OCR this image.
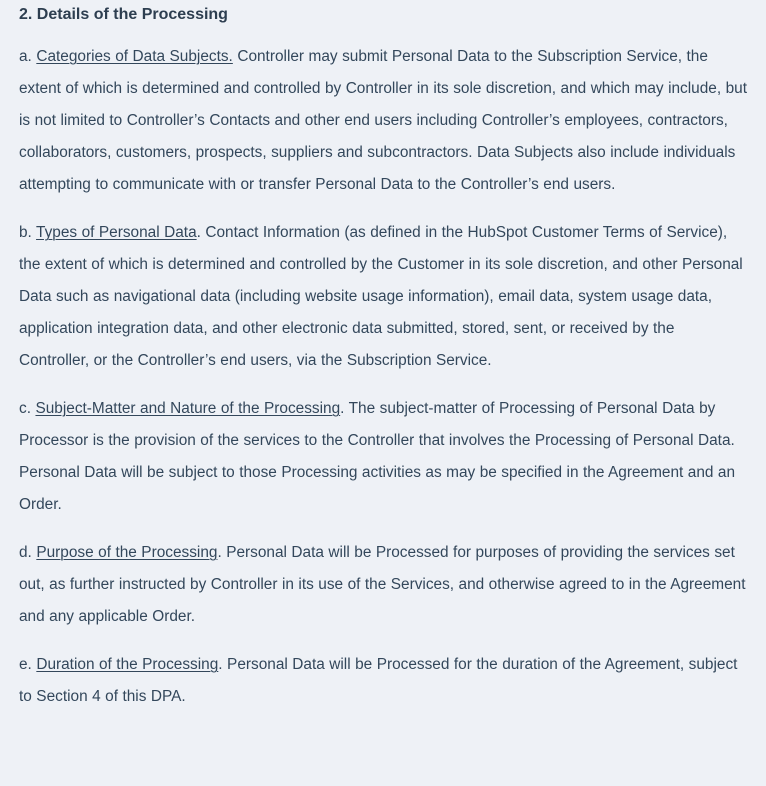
2. Details of the Processing

a. Categories of Data Subjects. Controller may submit Personal Data to the Subscription Service, the extent of which is determined and controlled by Controller in its sole discretion, and which may include, but is not limited to Controller’s Contacts and other end users including Controller’s employees, contractors, collaborators, customers, prospects, suppliers and subcontractors. Data Subjects also include individuals attempting to communicate with or transfer Personal Data to the Controller’s end users.

b. Types of Personal Data. Contact Information (as defined in the HubSpot Customer Terms of Service), the extent of which is determined and controlled by the Customer in its sole discretion, and other Personal Data such as navigational data (including website usage information), email data, system usage data, application integration data, and other electronic data submitted, stored, sent, or received by the Controller, or the Controller’s end users, via the Subscription Service.

c. Subject-Matter and Nature of the Processing. The subject-matter of Processing of Personal Data by Processor is the provision of the services to the Controller that involves the Processing of Personal Data. Personal Data will be subject to those Processing activities as may be specified in the Agreement and an Order.

d. Purpose of the Processing. Personal Data will be Processed for purposes of providing the services set out, as further instructed by Controller in its use of the Services, and otherwise agreed to in the Agreement and any applicable Order.

e. Duration of the Processing. Personal Data will be Processed for the duration of the Agreement, subject to Section 4 of this DPA.
